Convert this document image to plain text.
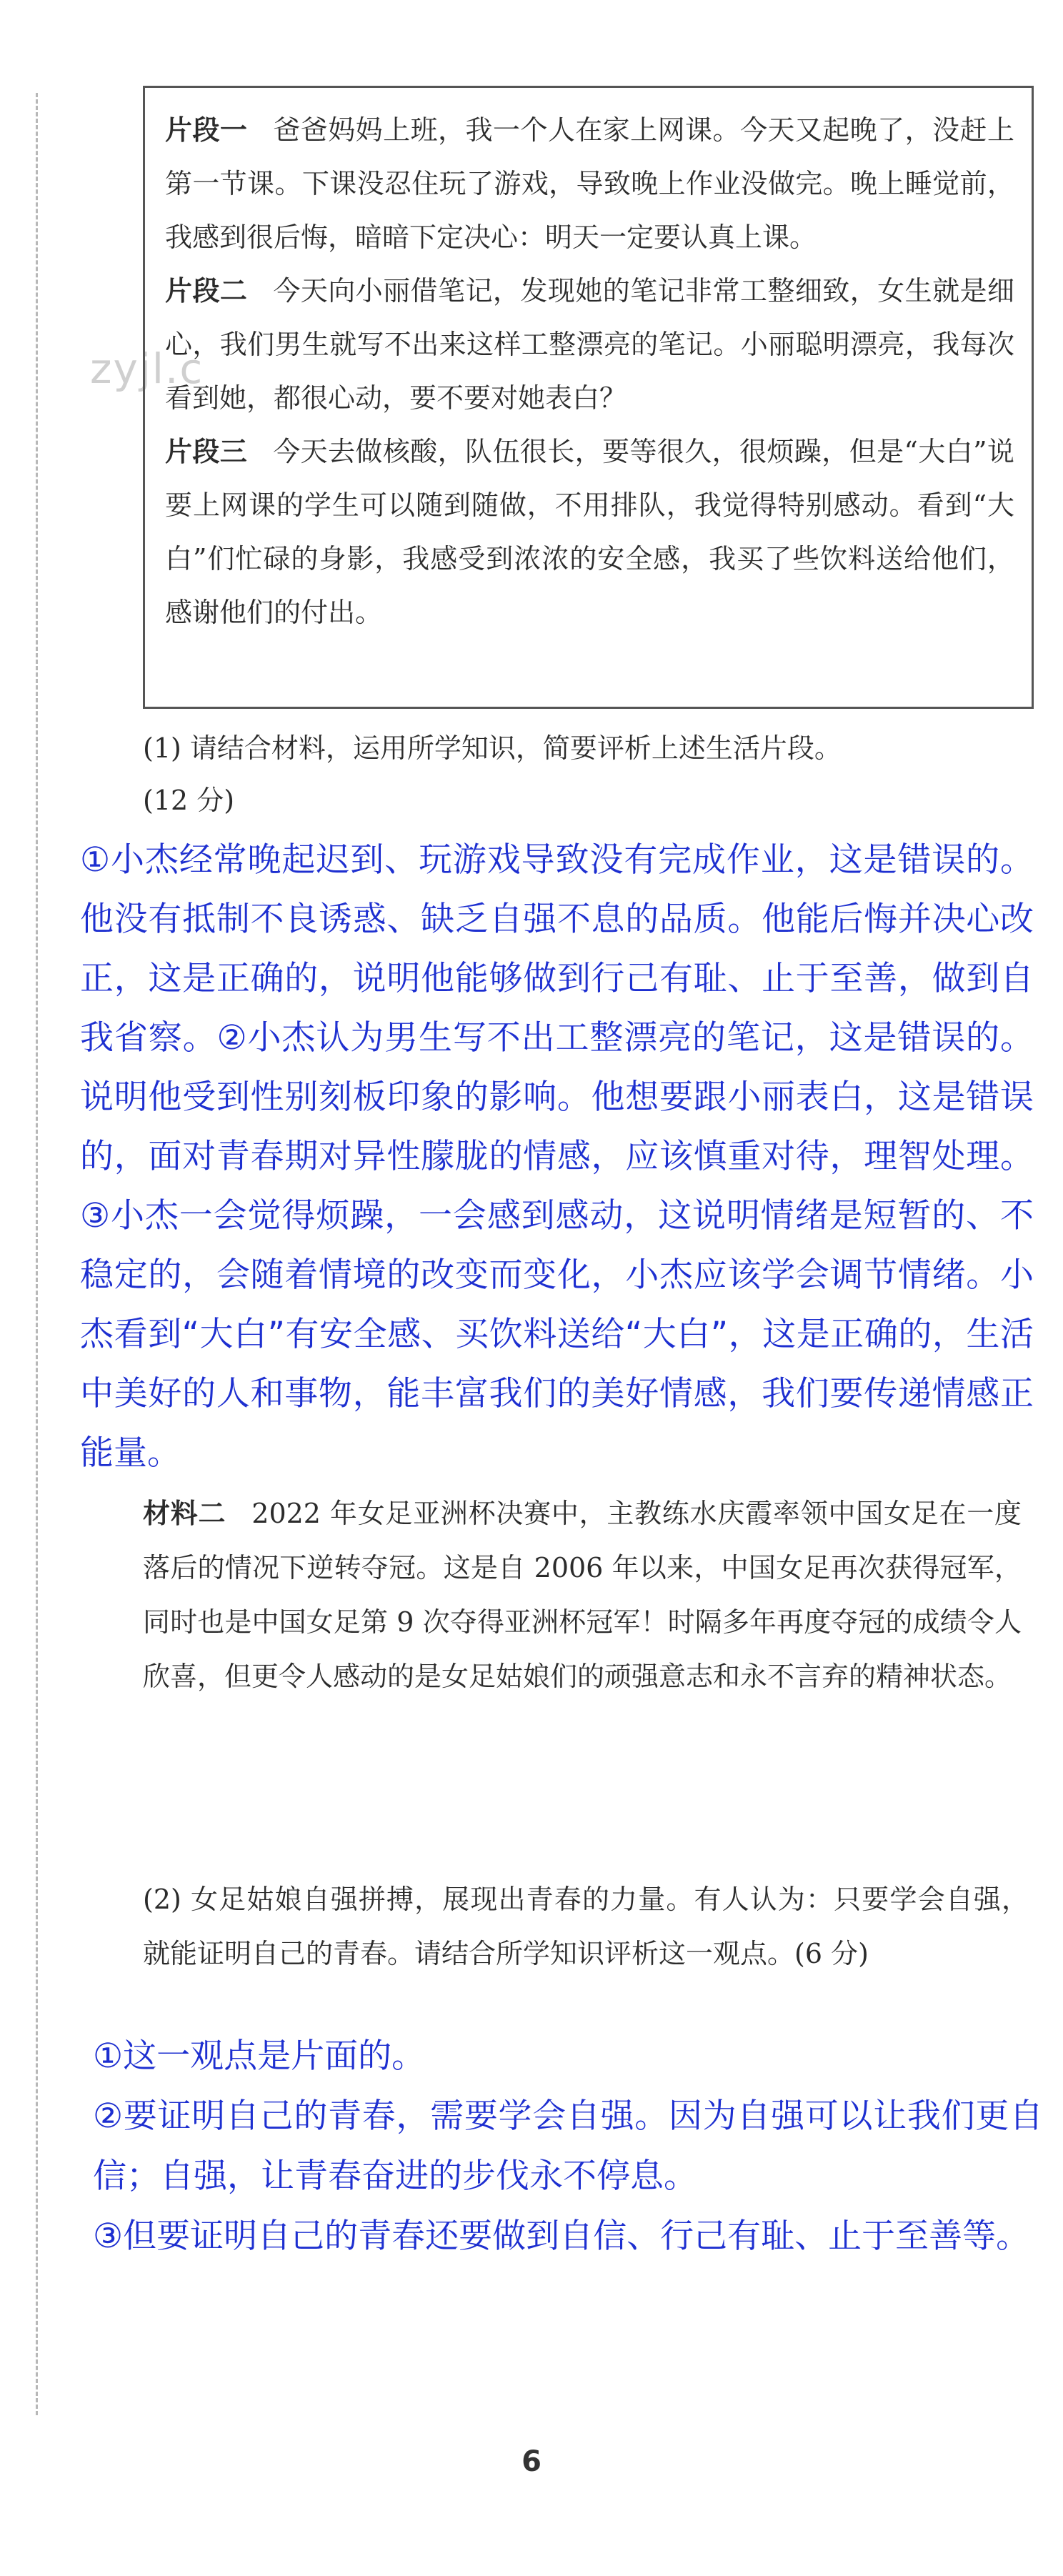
zyjl.c

片段一 爸爸妈妈上班，我一个人在家上网课。今天又起晚了，没赶上第一节课。下课没忍住玩了游戏，导致晚上作业没做完。晚上睡觉前，我感到很后悔，暗暗下定决心：明天一定要认真上课。

片段二 今天向小丽借笔记，发现她的笔记非常工整细致，女生就是细心，我们男生就写不出来这样工整漂亮的笔记。小丽聪明漂亮，我每次看到她，都很心动，要不要对她表白？

片段三 今天去做核酸，队伍很长，要等很久，很烦躁，但是“大白”说要上网课的学生可以随到随做，不用排队，我觉得特别感动。看到“大白”们忙碌的身影，我感受到浓浓的安全感，我买了些饮料送给他们，感谢他们的付出。

(1) 请结合材料，运用所学知识，简要评析上述生活片段。
(12 分)
①小杰经常晚起迟到、玩游戏导致没有完成作业，这是错误的。他没有抵制不良诱惑、缺乏自强不息的品质。他能后悔并决心改正，这是正确的，说明他能够做到行己有耻、止于至善，做到自我省察。②小杰认为男生写不出工整漂亮的笔记，这是错误的。说明他受到性别刻板印象的影响。他想要跟小丽表白，这是错误的，面对青春期对异性朦胧的情感，应该慎重对待，理智处理。③小杰一会觉得烦躁，一会感到感动，这说明情绪是短暂的、不稳定的，会随着情境的改变而变化，小杰应该学会调节情绪。小杰看到“大白”有安全感、买饮料送给“大白”，这是正确的，生活中美好的人和事物，能丰富我们的美好情感，我们要传递情感正能量。

材料二 2022 年女足亚洲杯决赛中，主教练水庆霞率领中国女足在一度落后的情况下逆转夺冠。这是自 2006 年以来，中国女足再次获得冠军，同时也是中国女足第 9 次夺得亚洲杯冠军！时隔多年再度夺冠的成绩令人欣喜，但更令人感动的是女足姑娘们的顽强意志和永不言弃的精神状态。

(2) 女足姑娘自强拼搏，展现出青春的力量。有人认为：只要学会自强，就能证明自己的青春。请结合所学知识评析这一观点。(6 分)

①这一观点是片面的。

②要证明自己的青春，需要学会自强。因为自强可以让我们更自信；自强，让青春奋进的步伐永不停息。

③但要证明自己的青春还要做到自信、行己有耻、止于至善等。

6
